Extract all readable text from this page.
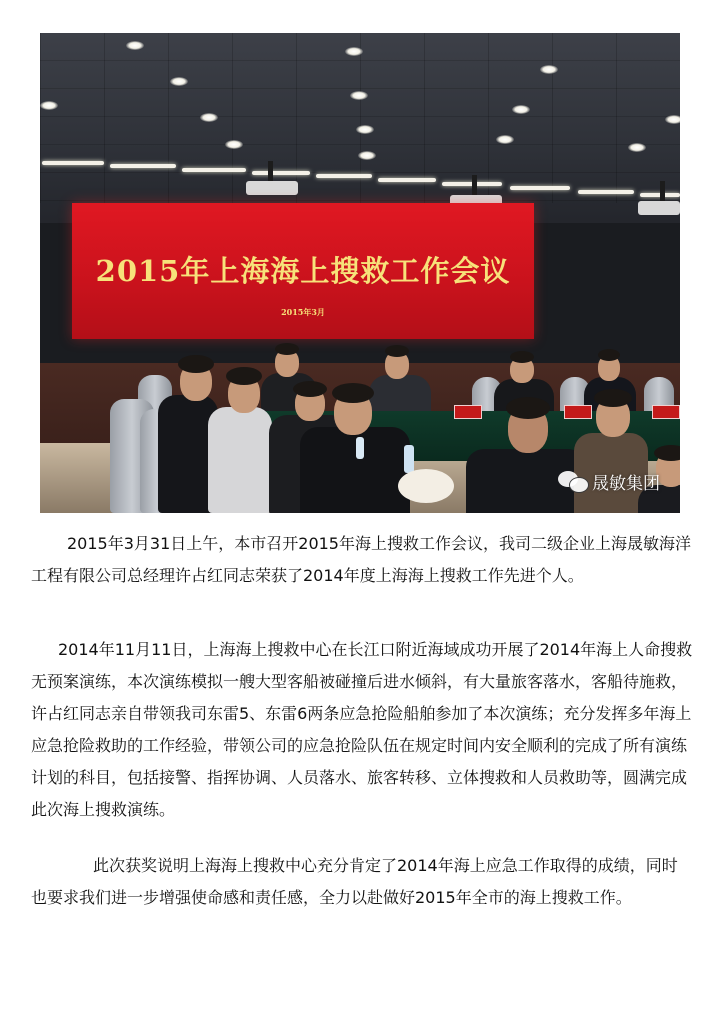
2015年上海海上搜救工作会议
2015年3月
晟敏集团

2015年3月31日上午，本市召开2015年海上搜救工作会议，我司二级企业上海晟敏海洋工程有限公司总经理许占红同志荣获了2014年度上海海上搜救工作先进个人。

2014年11月11日，上海海上搜救中心在长江口附近海域成功开展了2014年海上人命搜救无预案演练，本次演练模拟一艘大型客船被碰撞后进水倾斜，有大量旅客落水，客船待施救，许占红同志亲自带领我司东雷5、东雷6两条应急抢险船舶参加了本次演练；充分发挥多年海上应急抢险救助的工作经验，带领公司的应急抢险队伍在规定时间内安全顺利的完成了所有演练计划的科目，包括接警、指挥协调、人员落水、旅客转移、立体搜救和人员救助等，圆满完成此次海上搜救演练。

此次获奖说明上海海上搜救中心充分肯定了2014年海上应急工作取得的成绩，同时也要求我们进一步增强使命感和责任感，全力以赴做好2015年全市的海上搜救工作。
